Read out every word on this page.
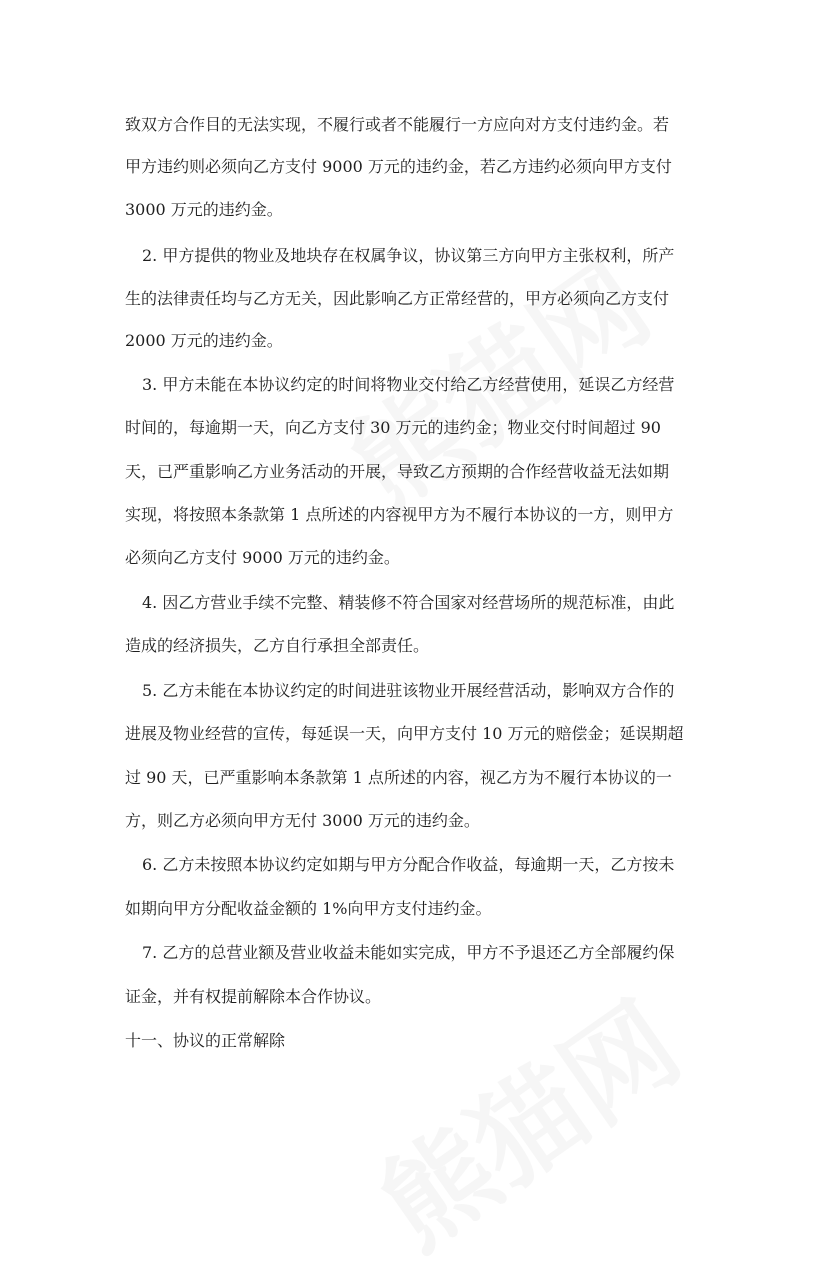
致双方合作目的无法实现，不履行或者不能履行一方应向对方支付违约金。若
甲方违约则必须向乙方支付 9000 万元的违约金，若乙方违约必须向甲方支付
3000 万元的违约金。
2. 甲方提供的物业及地块存在权属争议，协议第三方向甲方主张权利，所产
生的法律责任均与乙方无关，因此影响乙方正常经营的，甲方必须向乙方支付
2000 万元的违约金。
3. 甲方未能在本协议约定的时间将物业交付给乙方经营使用，延误乙方经营
时间的，每逾期一天，向乙方支付 30 万元的违约金；物业交付时间超过 90
天，已严重影响乙方业务活动的开展，导致乙方预期的合作经营收益无法如期
实现，将按照本条款第 1 点所述的内容视甲方为不履行本协议的一方，则甲方
必须向乙方支付 9000 万元的违约金。
4. 因乙方营业手续不完整、精装修不符合国家对经营场所的规范标准，由此
造成的经济损失，乙方自行承担全部责任。
5. 乙方未能在本协议约定的时间进驻该物业开展经营活动，影响双方合作的
进展及物业经营的宣传，每延误一天，向甲方支付 10 万元的赔偿金；延误期超
过 90 天，已严重影响本条款第 1 点所述的内容，视乙方为不履行本协议的一
方，则乙方必须向甲方无付 3000 万元的违约金。
6. 乙方未按照本协议约定如期与甲方分配合作收益，每逾期一天，乙方按未
如期向甲方分配收益金额的 1%向甲方支付违约金。
7. 乙方的总营业额及营业收益未能如实完成，甲方不予退还乙方全部履约保
证金，并有权提前解除本合作协议。
十一、协议的正常解除
